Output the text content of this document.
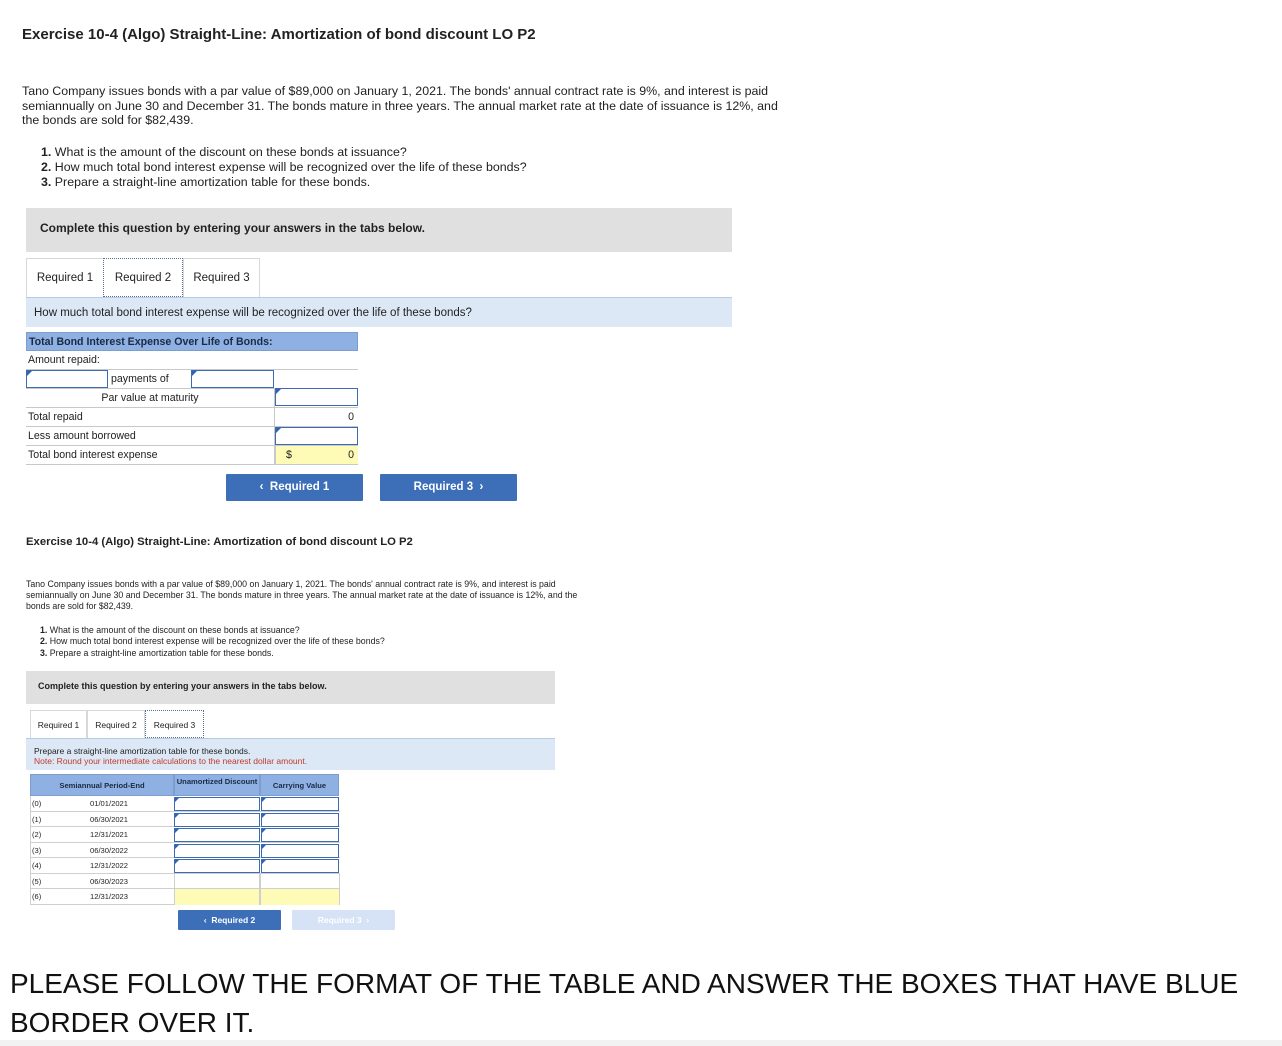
Exercise 10-4 (Algo) Straight-Line: Amortization of bond discount LO P2
Tano Company issues bonds with a par value of $89,000 on January 1, 2021. The bonds' annual contract rate is 9%, and interest is paid semiannually on June 30 and December 31. The bonds mature in three years. The annual market rate at the date of issuance is 12%, and the bonds are sold for $82,439.
1. What is the amount of the discount on these bonds at issuance?
2. How much total bond interest expense will be recognized over the life of these bonds?
3. Prepare a straight-line amortization table for these bonds.
Complete this question by entering your answers in the tabs below.
Required 1	Required 2	Required 3
How much total bond interest expense will be recognized over the life of these bonds?
Total Bond Interest Expense Over Life of Bonds:
Amount repaid:
payments of
Par value at maturity
Total repaid	0
Less amount borrowed
Total bond interest expense	$	0
‹ Required 1	Required 3 ›
Exercise 10-4 (Algo) Straight-Line: Amortization of bond discount LO P2
Tano Company issues bonds with a par value of $89,000 on January 1, 2021. The bonds' annual contract rate is 9%, and interest is paid semiannually on June 30 and December 31. The bonds mature in three years. The annual market rate at the date of issuance is 12%, and the bonds are sold for $82,439.
1. What is the amount of the discount on these bonds at issuance?
2. How much total bond interest expense will be recognized over the life of these bonds?
3. Prepare a straight-line amortization table for these bonds.
Complete this question by entering your answers in the tabs below.
Required 1	Required 2	Required 3
Prepare a straight-line amortization table for these bonds.
Note: Round your intermediate calculations to the nearest dollar amount.
Semiannual Period-End	Unamortized Discount	Carrying Value
(0)	01/01/2021
(1)	06/30/2021
(2)	12/31/2021
(3)	06/30/2022
(4)	12/31/2022
(5)	06/30/2023
(6)	12/31/2023
‹ Required 2	Required 3 ›
PLEASE FOLLOW THE FORMAT OF THE TABLE AND ANSWER THE BOXES THAT HAVE BLUE BORDER OVER IT.
